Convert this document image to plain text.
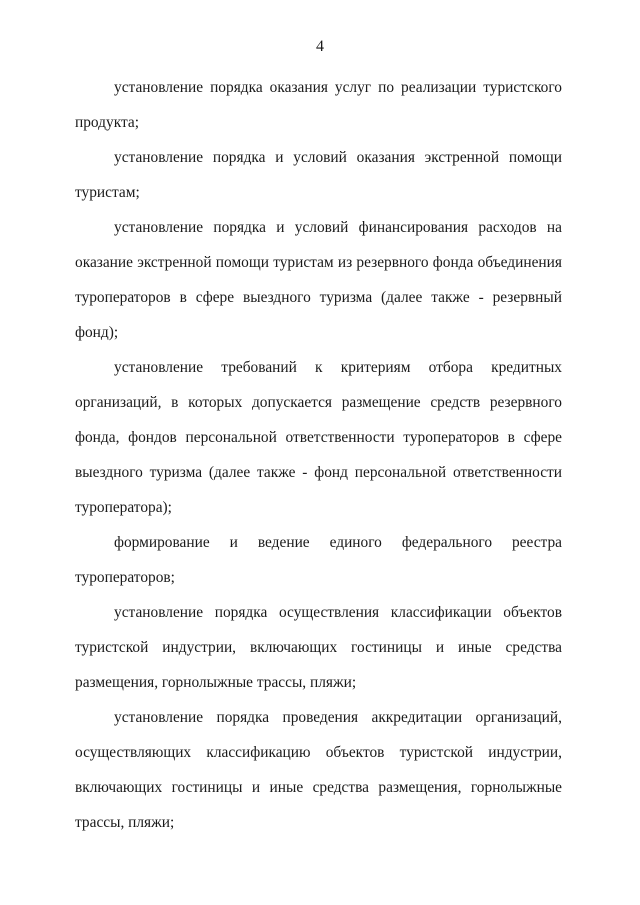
4

установление порядка оказания услуг по реализации туристского продукта;

установление порядка и условий оказания экстренной помощи туристам;

установление порядка и условий финансирования расходов на оказание экстренной помощи туристам из резервного фонда объединения туроператоров в сфере выездного туризма (далее также - резервный фонд);

установление требований к критериям отбора кредитных организаций, в которых допускается размещение средств резервного фонда, фондов персональной ответственности туроператоров в сфере выездного туризма (далее также - фонд персональной ответственности туроператора);

формирование и ведение единого федерального реестра туроператоров;

установление порядка осуществления классификации объектов туристской индустрии, включающих гостиницы и иные средства размещения, горнолыжные трассы, пляжи;

установление порядка проведения аккредитации организаций, осуществляющих классификацию объектов туристской индустрии, включающих гостиницы и иные средства размещения, горнолыжные трассы, пляжи;
